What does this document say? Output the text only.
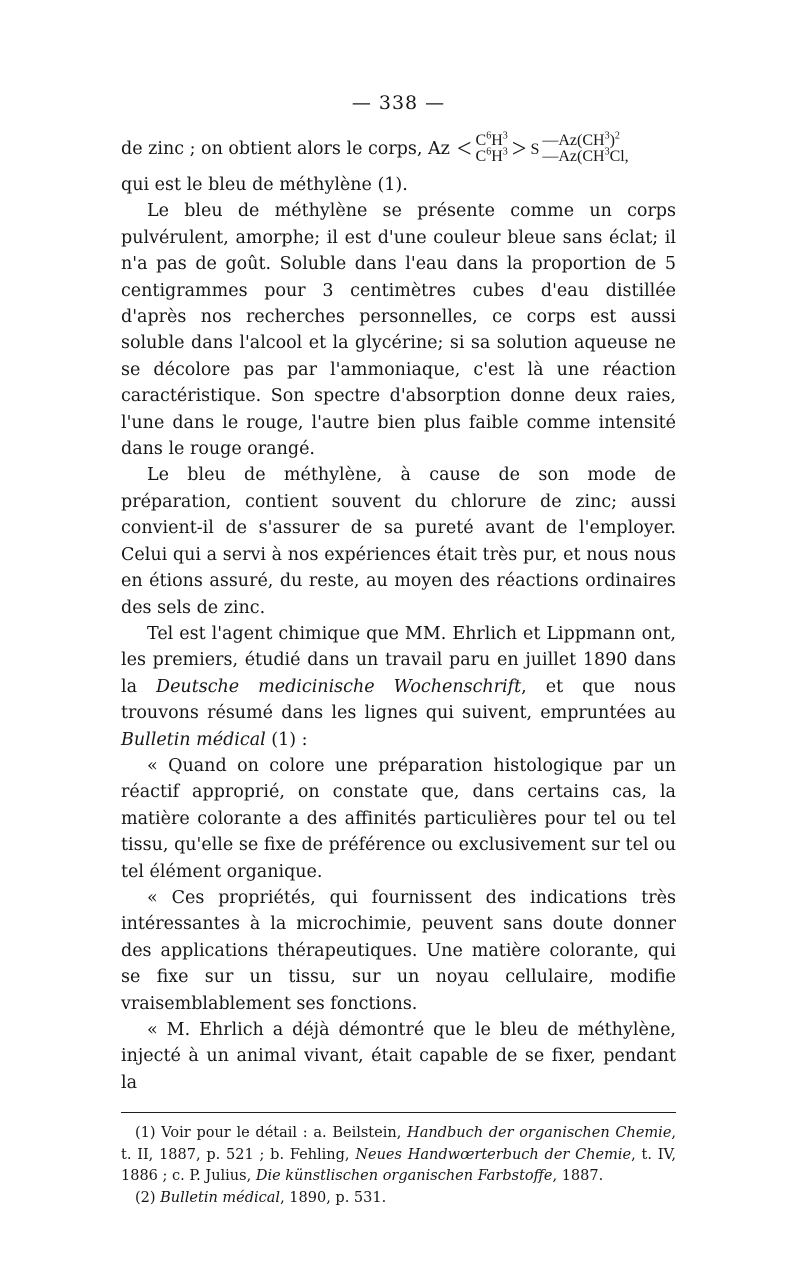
— 338 —
de zinc ; on obtient alors le corps, $Az < C^6H^3$
$C^6H^3 > S$ $—Az(CH^3)^2$
$—Az(CH^3Cl$,

qui est le bleu de méthylène (1).

Le bleu de méthylène se présente comme un corps pulvérulent, amorphe; il est d'une couleur bleue sans éclat; il n'a pas de goût. Soluble dans l'eau dans la proportion de 5 centigrammes pour 3 centimètres cubes d'eau distillée d'après nos recherches personnelles, ce corps est aussi soluble dans l'alcool et la glycérine; si sa solution aqueuse ne se décolore pas par l'ammoniaque, c'est là une réaction caractéristique. Son spectre d'absorption donne deux raies, l'une dans le rouge, l'autre bien plus faible comme intensité dans le rouge orangé.

Le bleu de méthylène, à cause de son mode de préparation, contient souvent du chlorure de zinc; aussi convient-il de s'assurer de sa pureté avant de l'employer. Celui qui a servi à nos expériences était très pur, et nous nous en étions assuré, du reste, au moyen des réactions ordinaires des sels de zinc.

Tel est l'agent chimique que MM. Ehrlich et Lippmann ont, les premiers, étudié dans un travail paru en juillet 1890 dans la Deutsche medicinische Wochenschrift, et que nous trouvons résumé dans les lignes qui suivent, empruntées au Bulletin médical (1) :

« Quand on colore une préparation histologique par un réactif approprié, on constate que, dans certains cas, la matière colorante a des affinités particulières pour tel ou tel tissu, qu'elle se fixe de préférence ou exclusivement sur tel ou tel élément organique.

« Ces propriétés, qui fournissent des indications très intéressantes à la microchimie, peuvent sans doute donner des applications thérapeutiques. Une matière colorante, qui se fixe sur un tissu, sur un noyau cellulaire, modifie vraisemblablement ses fonctions.

« M. Ehrlich a déjà démontré que le bleu de méthylène, injecté à un animal vivant, était capable de se fixer, pendant la

(1) Voir pour le détail : a. Beilstein, Handbuch der organischen Chemie, t. II, 1887, p. 521 ; b. Fehling, Neues Handwœrterbuch der Chemie, t. IV, 1886 ; c. P. Julius, Die künstlischen organischen Farbstoffe, 1887.
(2) Bulletin médical, 1890, p. 531.
